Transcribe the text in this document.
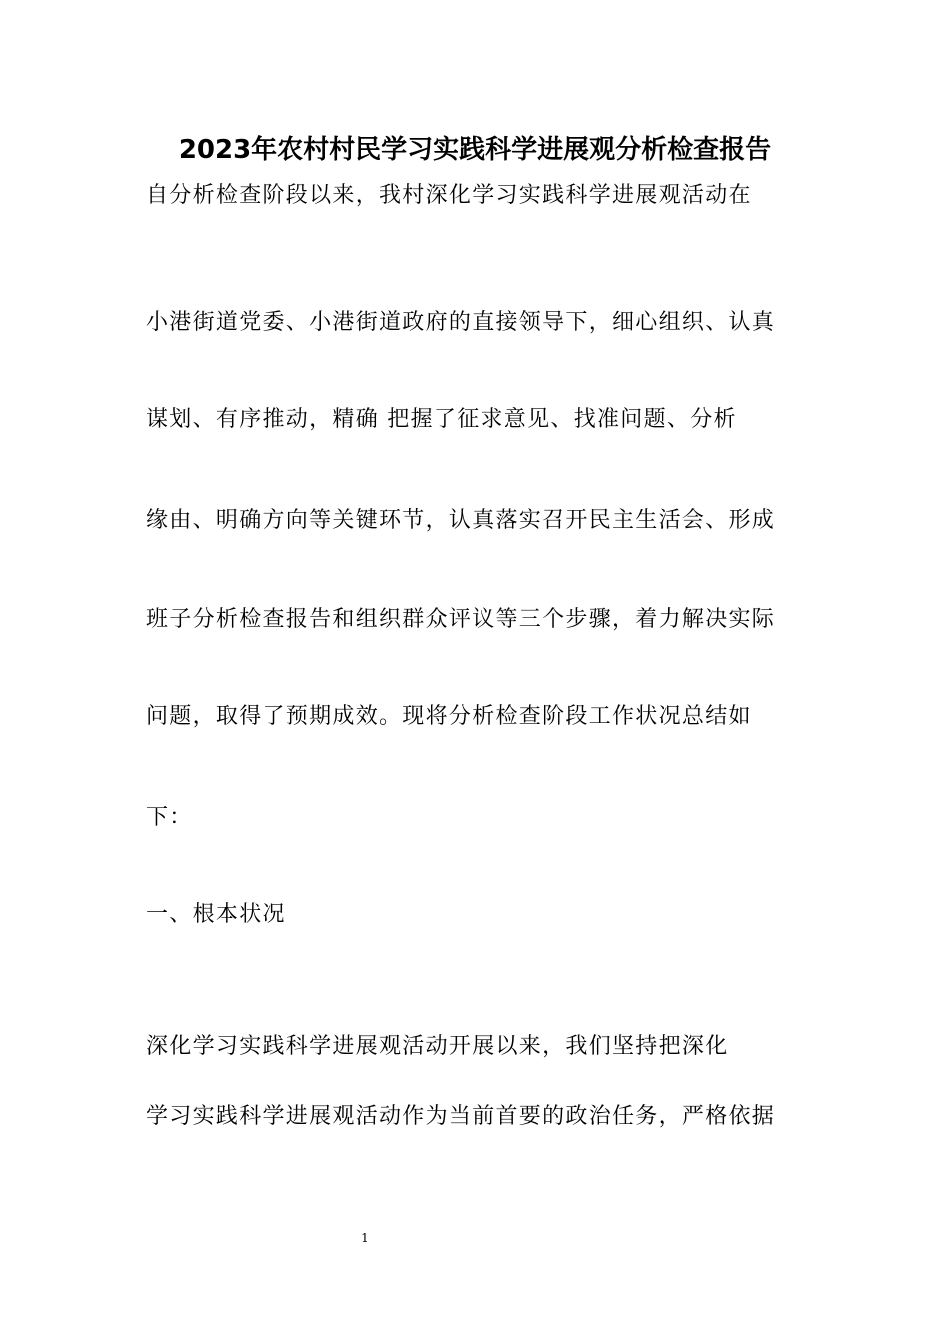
2023年农村村民学习实践科学进展观分析检查报告
自分析检查阶段以来，我村深化学习实践科学进展观活动在
小港街道党委、小港街道政府的直接领导下，细心组织、认真
谋划、有序推动，精确 把握了征求意见、找准问题、分析
缘由、明确方向等关键环节，认真落实召开民主生活会、形成
班子分析检查报告和组织群众评议等三个步骤，着力解决实际
问题，取得了预期成效。现将分析检查阶段工作状况总结如
下：
一、根本状况
深化学习实践科学进展观活动开展以来，我们坚持把深化
学习实践科学进展观活动作为当前首要的政治任务，严格依据
1
